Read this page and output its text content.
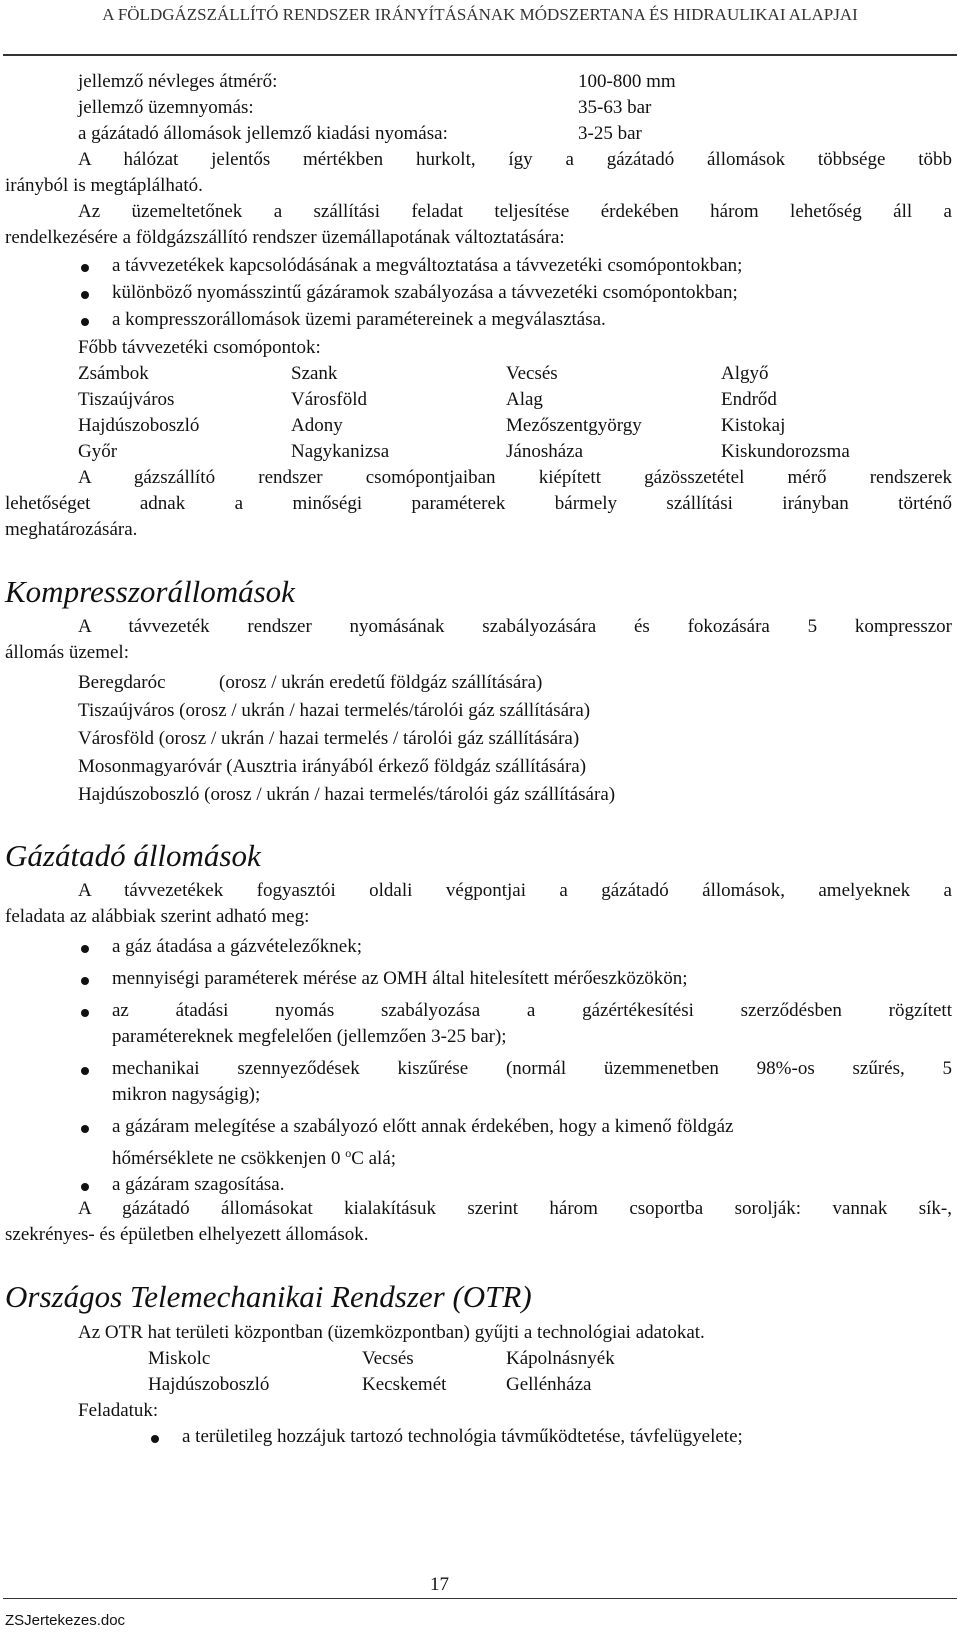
A FÖLDGÁZSZÁLLÍTÓ RENDSZER IRÁNYÍTÁSÁNAK MÓDSZERTANA ÉS HIDRAULIKAI ALAPJAI
jellemző névleges átmérő:	100-800 mm
jellemző üzemnyomás:	35-63 bar
a gázátadó állomások jellemző kiadási nyomása:	3-25 bar
A hálózat jelentős mértékben hurkolt, így a gázátadó állomások többsége több
irányból is megtáplálható.
Az üzemeltetőnek a szállítási feladat teljesítése érdekében három lehetőség áll a
rendelkezésére a földgázszállító rendszer üzemállapotának változtatására:
a távvezetékek kapcsolódásának a megváltoztatása a távvezetéki csomópontokban;
különböző nyomásszintű gázáramok szabályozása a távvezetéki csomópontokban;
a kompresszorállomások üzemi paramétereinek a megválasztása.
Főbb távvezetéki csomópontok:
Zsámbok	Szank	Vecsés	Algyő
Tiszaújváros	Városföld	Alag	Endrőd
Hajdúszoboszló	Adony	Mezőszentgyörgy	Kistokaj
Győr	Nagykanizsa	Jánosháza	Kiskundorozsma
A gázszállító rendszer csomópontjaiban kiépített gázösszetétel mérő rendszerek
lehetőséget adnak a minőségi paraméterek bármely szállítási irányban történő
meghatározására.
Kompresszorállomások
A távvezeték rendszer nyomásának szabályozására és fokozására 5 kompresszor
állomás üzemel:
Beregdaróc	(orosz / ukrán eredetű földgáz szállítására)
Tiszaújváros (orosz / ukrán / hazai termelés/tárolói gáz szállítására)
Városföld (orosz / ukrán / hazai termelés / tárolói gáz szállítására)
Mosonmagyaróvár (Ausztria irányából érkező földgáz szállítására)
Hajdúszoboszló (orosz / ukrán / hazai termelés/tárolói gáz szállítására)
Gázátadó állomások
A távvezetékek fogyasztói oldali végpontjai a gázátadó állomások, amelyeknek a
feladata az alábbiak szerint adható meg:
a gáz átadása a gázvételezőknek;
mennyiségi paraméterek mérése az OMH által hitelesített mérőeszközökön;
az átadási nyomás szabályozása a gázértékesítési szerződésben rögzített
paramétereknek megfelelően (jellemzően 3-25 bar);
mechanikai szennyeződések kiszűrése (normál üzemmenetben 98%-os szűrés, 5
mikron nagyságig);
a gázáram melegítése a szabályozó előtt annak érdekében, hogy a kimenő földgáz
hőmérséklete ne csökkenjen 0 $^o$C alá;
a gázáram szagosítása.
A gázátadó állomásokat kialakításuk szerint három csoportba sorolják: vannak sík-,
szekrényes- és épületben elhelyezett állomások.
Országos Telemechanikai Rendszer (OTR)
Az OTR hat területi központban (üzemközpontban) gyűjti a technológiai adatokat.
Miskolc	Vecsés	Kápolnásnyék
Hajdúszoboszló	Kecskemét	Gellénháza
Feladatuk:
a területileg hozzájuk tartozó technológia távműködtetése, távfelügyelete;
17
ZSJertekezes.doc
